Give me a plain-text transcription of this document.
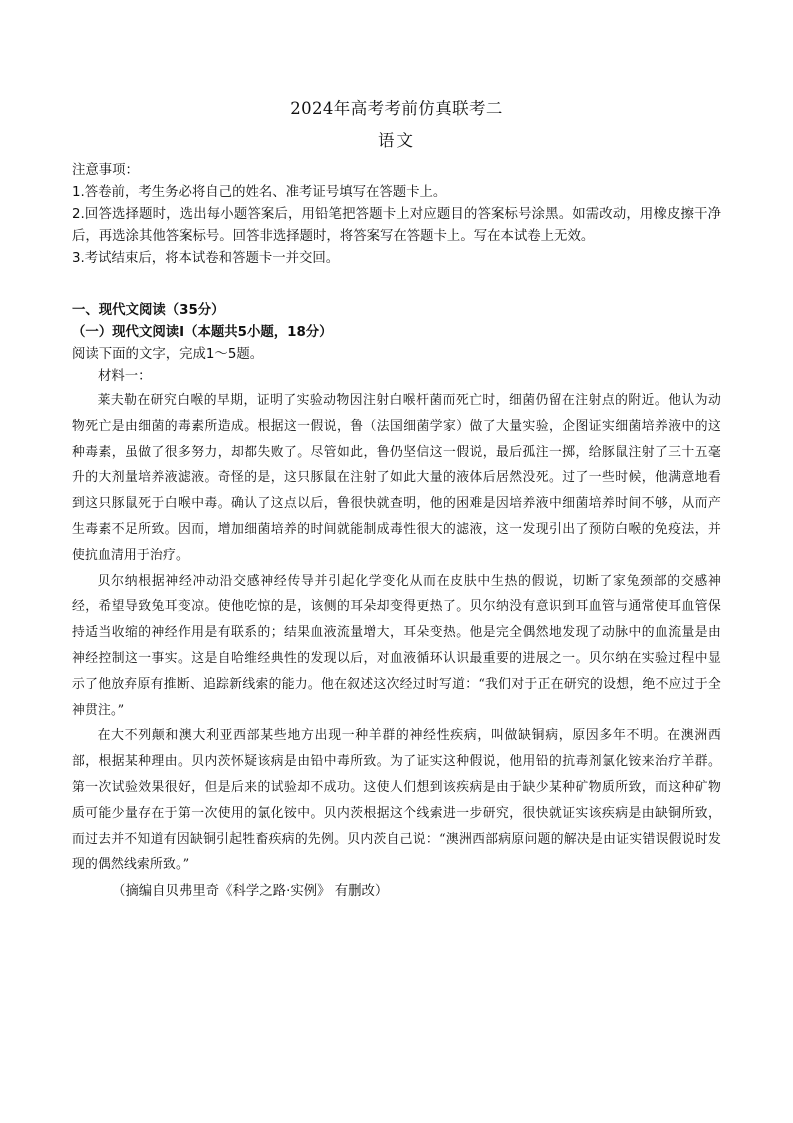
2024年高考考前仿真联考二
语文
注意事项：
1.答卷前，考生务必将自己的姓名、准考证号填写在答题卡上。
2.回答选择题时，选出每小题答案后，用铅笔把答题卡上对应题目的答案标号涂黑。如需改动，用橡皮擦干净后，再选涂其他答案标号。回答非选择题时，将答案写在答题卡上。写在本试卷上无效。
3.考试结束后，将本试卷和答题卡一并交回。
一、现代文阅读（35分）
（一）现代文阅读Ⅰ（本题共5小题，18分）
阅读下面的文字，完成1～5题。
材料一：

莱夫勒在研究白喉的早期，证明了实验动物因注射白喉杆菌而死亡时，细菌仍留在注射点的附近。他认为动物死亡是由细菌的毒素所造成。根据这一假说，鲁（法国细菌学家）做了大量实验，企图证实细菌培养液中的这种毒素，虽做了很多努力，却都失败了。尽管如此，鲁仍坚信这一假说，最后孤注一掷，给豚鼠注射了三十五毫升的大剂量培养液滤液。奇怪的是，这只豚鼠在注射了如此大量的液体后居然没死。过了一些时候，他满意地看到这只豚鼠死于白喉中毒。确认了这点以后，鲁很快就查明，他的困难是因培养液中细菌培养时间不够，从而产生毒素不足所致。因而，增加细菌培养的时间就能制成毒性很大的滤液，这一发现引出了预防白喉的免疫法，并使抗血清用于治疗。

贝尔纳根据神经冲动沿交感神经传导并引起化学变化从而在皮肤中生热的假说，切断了家兔颈部的交感神经，希望导致兔耳变凉。使他吃惊的是，该侧的耳朵却变得更热了。贝尔纳没有意识到耳血管与通常使耳血管保持适当收缩的神经作用是有联系的；结果血液流量增大，耳朵变热。他是完全偶然地发现了动脉中的血流量是由神经控制这一事实。这是自哈维经典性的发现以后，对血液循环认识最重要的进展之一。贝尔纳在实验过程中显示了他放弃原有推断、追踪新线索的能力。他在叙述这次经过时写道：“我们对于正在研究的设想，绝不应过于全神贯注。”

在大不列颠和澳大利亚西部某些地方出现一种羊群的神经性疾病，叫做缺铜病，原因多年不明。在澳洲西部，根据某种理由。贝内茨怀疑该病是由铅中毒所致。为了证实这种假说，他用铅的抗毒剂氯化铵来治疗羊群。第一次试验效果很好，但是后来的试验却不成功。这使人们想到该疾病是由于缺少某种矿物质所致，而这种矿物质可能少量存在于第一次使用的氯化铵中。贝内茨根据这个线索进一步研究，很快就证实该疾病是由缺铜所致，而过去并不知道有因缺铜引起牲畜疾病的先例。贝内茨自己说：“澳洲西部病原问题的解决是由证实错误假说时发现的偶然线索所致。”

（摘编自贝弗里奇《科学之路·实例》 有删改）
